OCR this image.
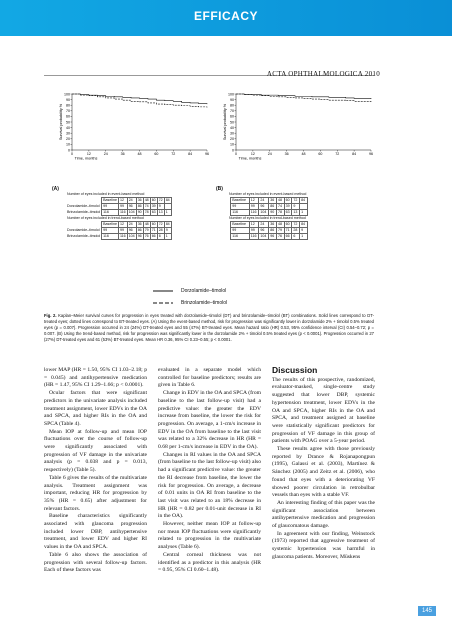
EFFICACY
ACTA OPHTHALMOLOGICA 2010
0
10
20
30
40
50
60
70
80
90
100
0	12	24	36	48	60	72	84	96
Time, months
Survival probability %
(A)
0
10
20
30
40
50
60
70
80
90
100
0	12	24	36	48	60	72	84	96
Time, months
Survival probability %
(B)
Number of eyes included in event-based method								
	Baseline	12	24	36	48	60	72	84
Dorzolamide–timolol	99	99	96	86	74	39	9	
Brinzolamide–timolol	116	116	104	90	78	63	13	1
Number of eyes included in trend-based method								
	Baseline	12	24	36	48	60	72	84
Dorzolamide–timolol	99	99	96	86	79	71	28	9
Brinzolamide–timolol	116	116	104	96	76	66	6	1
Number of eyes included in event-based method								
	Baseline	12	24	36	48	60	72	84
	99	99	96	86	74	39	9	
	116	116	104	90	78	63	13	1
Number of eyes included in trend-based method								
	Baseline	12	24	36	48	60	72	84
	99	99	96	86	79	71	28	9
	116	116	104	96	76	66	6	1
Dorzolamide–timolol
Brinzolamide–timolol
Fig. 2. Kaplan–Meier survival curves for progression in eyes treated with dorzolamide–timolol (DT) and brinzolamide–timolol (BT) combinations. Solid lines correspond to DT-treated eyes; dotted lines correspond to BT-treated eyes. (A) Using the event-based method, risk for progression was significantly lower in dorzolamide 2% + timolol 0.5% treated eyes (p = 0.007). Progression occurred in 24 (24%) DT-treated eyes and 55 (47%) BT-treated eyes. Mean hazard ratio (HR) 0.53, 95% confidence interval (CI) 0.54–0.72; p = 0.007. (B) Using the trend-based method, risk for progression was significantly lower in the dorzolamide 2% + timolol 0.5% treated eyes (p < 0.0001). Progression occurred in 27 (27%) DT-treated eyes and 61 (53%) BT-treated eyes. Mean HR 0.36, 95% CI 0.23–0.55; p < 0.0001.

lower MAP (HR = 1.50, 95% CI 1.03–2.18; p = 0.045) and antihypertensive medication (HR = 1.47, 95% CI 1.29–1.66; p < 0.0001).

Ocular factors that were significant predictors in the univariate analysis included treatment assignment, lower EDVs in the OA and SPCA, and higher RIs in the OA and SPCA (Table 4).

Mean IOP at follow-up and mean IOP fluctuations over the course of follow-up were significantly associated with progression of VF damage in the univariate analysis (p = 0.038 and p = 0.013, respectively) (Table 5).

Table 6 gives the results of the multivariate analysis. Treatment assignment was important, reducing HR for progression by 35% (HR = 0.65) after adjustment for relevant factors.

Baseline characteristics significantly associated with glaucoma progression included lower DBP, antihypertensive treatment, and lower EDV and higher RI values in the OA and SPCA.

Table 6 also shows the association of progression with several follow-up factors. Each of these factors was

evaluated in a separate model which controlled for baseline predictors; results are given in Table 6.

Change in EDV in the OA and SPCA (from baseline to the last follow-up visit) had a predictive value: the greater the EDV increase from baseline, the lower the risk for progression. On average, a 1-cm/s increase in EDV in the OA from baseline to the last visit was related to a 32% decrease in HR (HR = 0.68 per 1-cm/s increase in EDV in the OA).

Changes in RI values in the OA and SPCA (from baseline to the last follow-up visit) also had a significant predictive value: the greater the RI decrease from baseline, the lower the risk for progression. On average, a decrease of 0.01 units in OA RI from baseline to the last visit was related to an 18% decrease in HR (HR = 0.82 per 0.01-unit decrease in RI in the OA).

However, neither mean IOP at follow-up nor mean IOP fluctuations were significantly related to progression in the multivariate analyses (Table 6).

Central corneal thickness was not identified as a predictor in this analysis (HR = 0.95, 95% CI 0.60–1.48).

Discussion

The results of this prospective, randomized, evaluator-masked, single-centre study suggested that lower DBP, systemic hypertension treatment, lower EDVs in the OA and SPCA, higher RIs in the OA and SPCA, and treatment assigned at baseline were statistically significant predictors for progression of VF damage in this group of patients with POAG over a 5-year period.

These results agree with those previously reported by Drance & Rojanapongpun (1995), Galassi et al. (2003), Martínez & Sánchez (2005) and Zeitz et al. (2006), who found that eyes with a deteriorating VF showed poorer circulation in retrobulbar vessels than eyes with a stable VF.

An interesting finding of this paper was the significant association between antihypertensive medication and progression of glaucomatous damage.

In agreement with our finding, Weinstock (1973) reported that aggressive treatment of systemic hypertension was harmful in glaucoma patients. Moreover, Müskens

145
